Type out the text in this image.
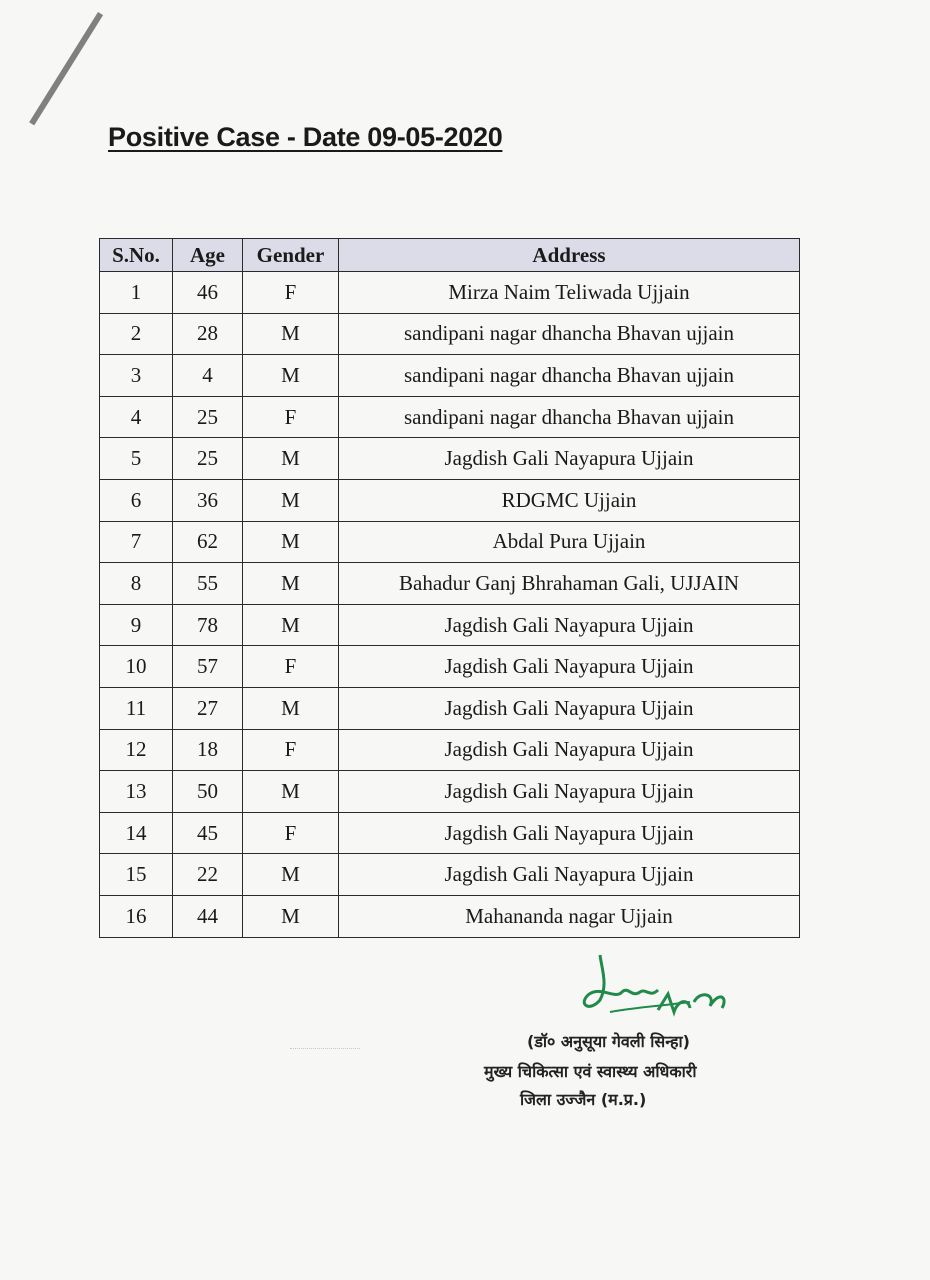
Positive Case - Date 09-05-2020
S.No.	Age	Gender	Address
1	46	F	Mirza Naim Teliwada Ujjain
2	28	M	sandipani nagar dhancha Bhavan ujjain
3	4	M	sandipani nagar dhancha Bhavan ujjain
4	25	F	sandipani nagar dhancha Bhavan ujjain
5	25	M	Jagdish Gali Nayapura Ujjain
6	36	M	RDGMC Ujjain
7	62	M	Abdal Pura Ujjain
8	55	M	Bahadur Ganj Bhrahaman Gali, UJJAIN
9	78	M	Jagdish Gali Nayapura Ujjain
10	57	F	Jagdish Gali Nayapura Ujjain
11	27	M	Jagdish Gali Nayapura Ujjain
12	18	F	Jagdish Gali Nayapura Ujjain
13	50	M	Jagdish Gali Nayapura Ujjain
14	45	F	Jagdish Gali Nayapura Ujjain
15	22	M	Jagdish Gali Nayapura Ujjain
16	44	M	Mahananda nagar Ujjain
(डॉ० अनुसूया गेवली सिन्हा)
मुख्य चिकित्सा एवं स्वास्थ्य अधिकारी
जिला उज्जैन (म.प्र.)
